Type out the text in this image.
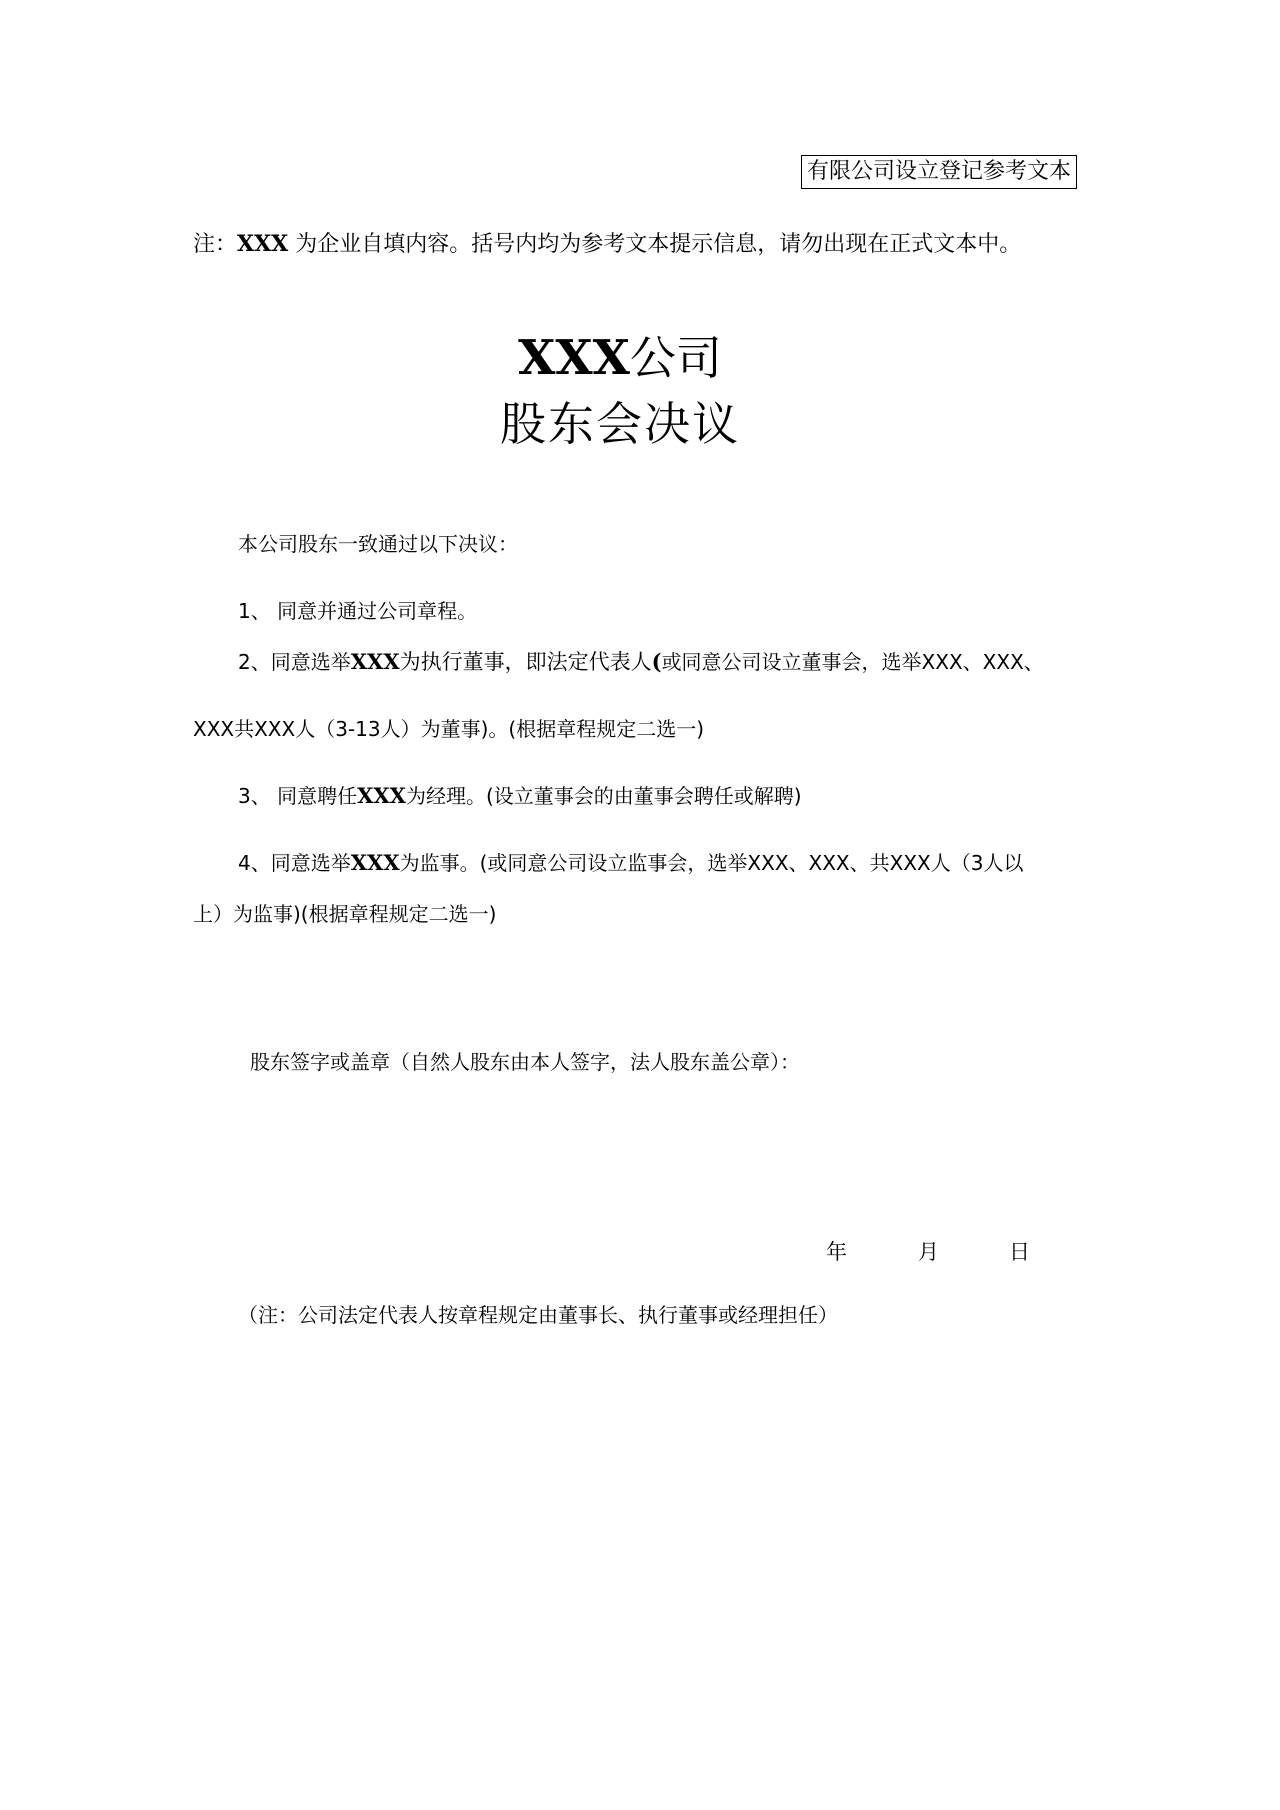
有限公司设立登记参考文本
注：XXX 为企业自填内容。括号内均为参考文本提示信息，请勿出现在正式文本中。
XXX公司
股东会决议
本公司股东一致通过以下决议：
1、 同意并通过公司章程。
2、同意选举XXX为执行董事，即法定代表人(或同意公司设立董事会，选举XXX、XXX、
XXX共XXX人（3-13人）为董事)。(根据章程规定二选一)
3、 同意聘任XXX为经理。(设立董事会的由董事会聘任或解聘)
4、同意选举XXX为监事。(或同意公司设立监事会，选举XXX、XXX、共XXX人（3人以
上）为监事)(根据章程规定二选一)
股东签字或盖章（自然人股东由本人签字，法人股东盖公章）：
年	月	日
（注：公司法定代表人按章程规定由董事长、执行董事或经理担任）
